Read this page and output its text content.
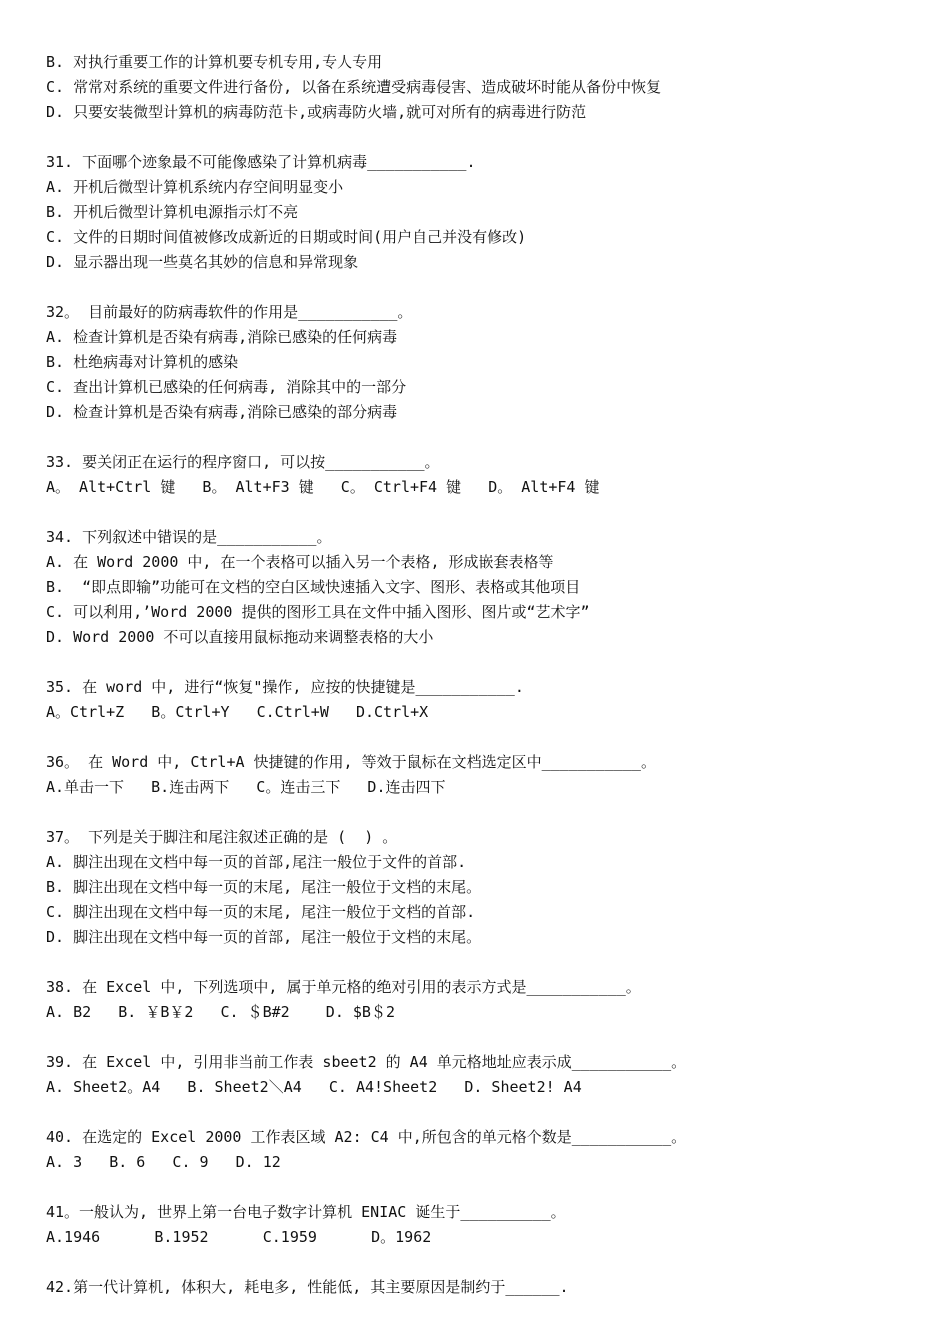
B. 对执行重要工作的计算机要专机专用,专人专用
C. 常常对系统的重要文件进行备份, 以备在系统遭受病毒侵害、造成破坏时能从备份中恢复
D. 只要安装微型计算机的病毒防范卡,或病毒防火墙,就可对所有的病毒进行防范
31. 下面哪个迹象最不可能像感染了计算机病毒___________.
A. 开机后微型计算机系统内存空间明显变小
B. 开机后微型计算机电源指示灯不亮
C. 文件的日期时间值被修改成新近的日期或时间(用户自己并没有修改)
D. 显示器出现一些莫名其妙的信息和异常现象
32。 目前最好的防病毒软件的作用是___________。
A. 检查计算机是否染有病毒,消除已感染的任何病毒
B. 杜绝病毒对计算机的感染
C. 查出计算机已感染的任何病毒, 消除其中的一部分
D. 检查计算机是否染有病毒,消除已感染的部分病毒
33. 要关闭正在运行的程序窗口, 可以按___________。
A。 Alt+Ctrl 键   B。 Alt+F3 键   C。 Ctrl+F4 键   D。 Alt+F4 键
34. 下列叙述中错误的是___________。
A. 在 Word 2000 中, 在一个表格可以插入另一个表格, 形成嵌套表格等
B.  “即点即输”功能可在文档的空白区域快速插入文字、图形、表格或其他项目
C. 可以利用,’Word 2000 提供的图形工具在文件中插入图形、图片或“艺术字”
D. Word 2000 不可以直接用鼠标拖动来调整表格的大小
35. 在 word 中, 进行“恢复"操作, 应按的快捷键是___________.
A。Ctrl+Z   B。Ctrl+Y   C.Ctrl+W   D.Ctrl+X
36。 在 Word 中, Ctrl+A 快捷键的作用, 等效于鼠标在文档选定区中___________。
A.单击一下   B.连击两下   C。连击三下   D.连击四下
37。 下列是关于脚注和尾注叙述正确的是 (  ) 。
A. 脚注出现在文档中每一页的首部,尾注一般位于文件的首部.
B. 脚注出现在文档中每一页的末尾, 尾注一般位于文档的末尾。
C. 脚注出现在文档中每一页的末尾, 尾注一般位于文档的首部.
D. 脚注出现在文档中每一页的首部, 尾注一般位于文档的末尾。
38. 在 Excel 中, 下列选项中, 属于单元格的绝对引用的表示方式是___________。
A. B2   B. ￥B￥2   C. ＄B#2    D. $B＄2
39. 在 Excel 中, 引用非当前工作表 sbeet2 的 A4 单元格地址应表示成___________。
A. Sheet2。A4   B. Sheet2＼A4   C. A4!Sheet2   D. Sheet2! A4
40. 在选定的 Excel 2000 工作表区域 A2: C4 中,所包含的单元格个数是___________。
A. 3   B. 6   C. 9   D. 12
41。一般认为, 世界上第一台电子数字计算机 ENIAC 诞生于__________。
A.1946      B.1952      C.1959      D。1962
42.第一代计算机, 体积大, 耗电多, 性能低, 其主要原因是制约于______.
